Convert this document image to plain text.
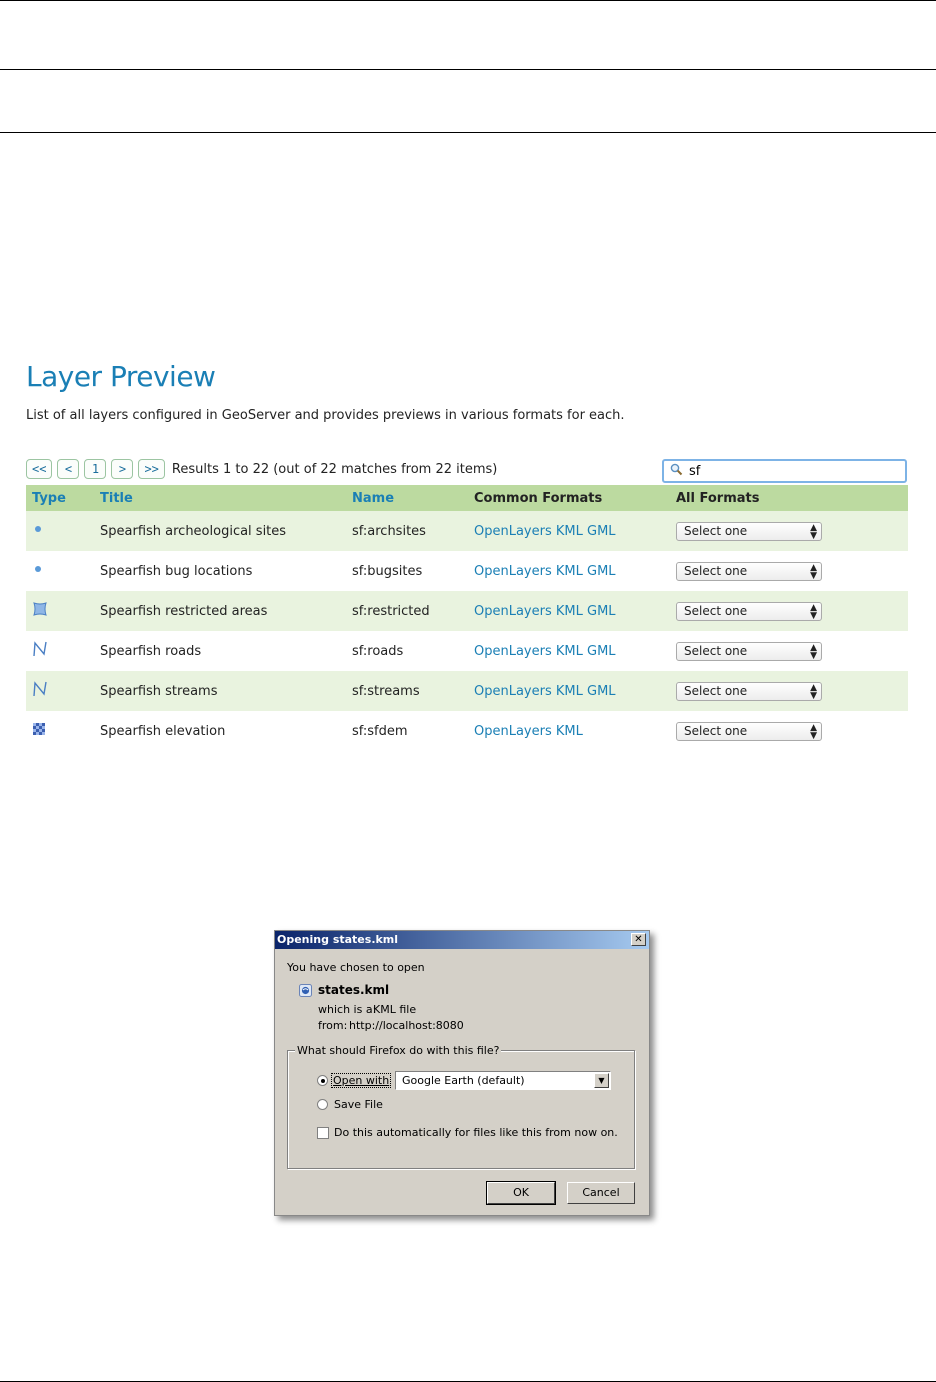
Layer Preview
List of all layers configured in GeoServer and provides previews in various formats for each.
<<	<	1	>	>>	Results 1 to 22 (out of 22 matches from 22 items)
sf
Type	Title	Name	Common Formats	All Formats
	Spearfish archeological sites	sf:archsites	OpenLayers KML GML	Select one ▲
▼

	Spearfish bug locations	sf:bugsites	OpenLayers KML GML	Select one ▲
▼

	Spearfish restricted areas	sf:restricted	OpenLayers KML GML	Select one ▲
▼

	Spearfish roads	sf:roads	OpenLayers KML GML	Select one ▲
▼

	Spearfish streams	sf:streams	OpenLayers KML GML	Select one ▲
▼

	Spearfish elevation	sf:sfdem	OpenLayers KML	Select one ▲
▼
Opening states.kml	✕
You have chosen to open
states.kml
which is a:
KML file
from: http://localhost:8080
What should Firefox do with this file?
Open with	Google Earth (default)	▼
Save File
Do this automatically for files like this from now on.
OK	Cancel
